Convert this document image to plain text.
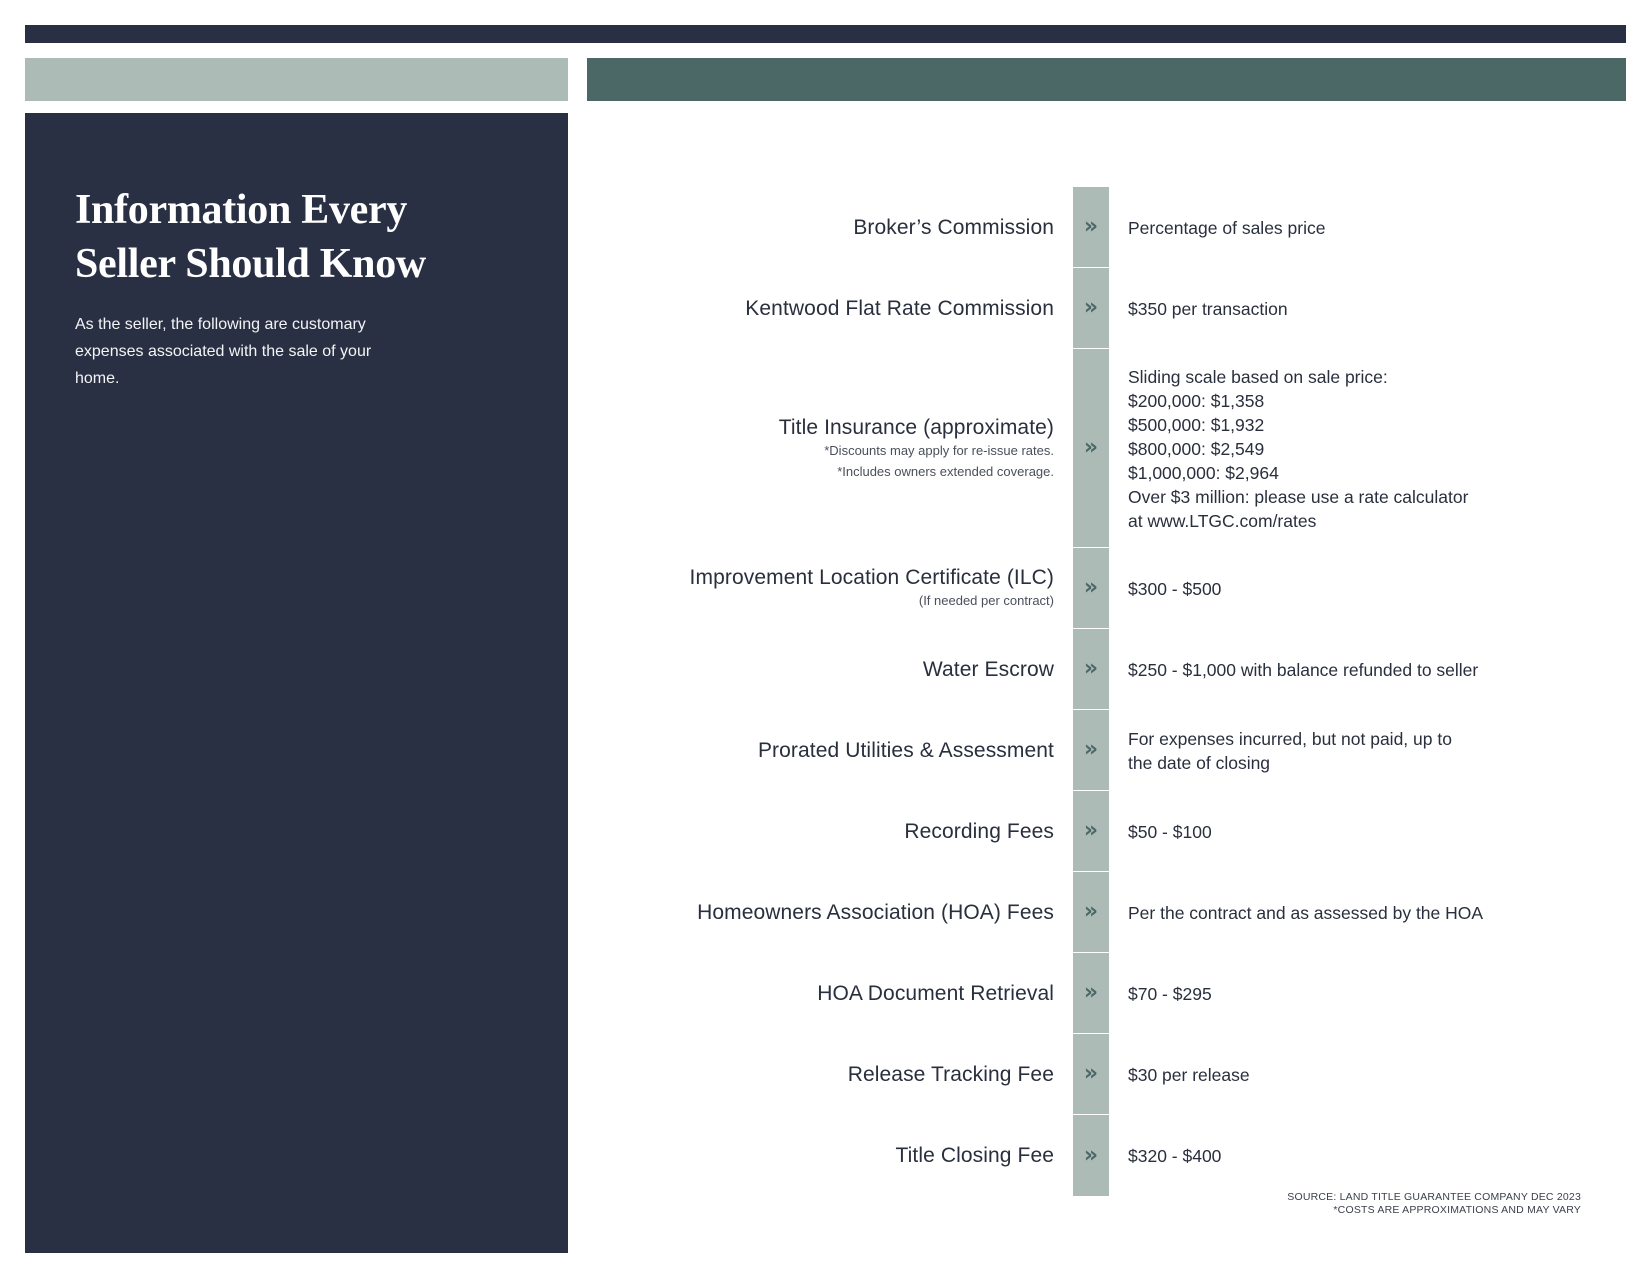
Information Every
Seller Should Know

As the seller, the following are customary expenses associated with the sale of your home.

Broker’s Commission » Percentage of sales price
Kentwood Flat Rate Commission » $350 per transaction
Title Insurance (approximate)
*Discounts may apply for re-issue rates.
*Includes owners extended coverage.
»
Sliding scale based on sale price:
$200,000: $1,358
$500,000: $1,932
$800,000: $2,549
$1,000,000: $2,964
Over $3 million: please use a rate calculator
at www.LTGC.com/rates
Improvement Location Certificate (ILC)
(If needed per contract)
» $300 - $500
Water Escrow » $250 - $1,000 with balance refunded to seller
Prorated Utilities & Assessment » For expenses incurred, but not paid, up to
the date of closing
Recording Fees » $50 - $100
Homeowners Association (HOA) Fees » Per the contract and as assessed by the HOA
HOA Document Retrieval » $70 - $295
Release Tracking Fee » $30 per release
Title Closing Fee » $320 - $400
SOURCE: LAND TITLE GUARANTEE COMPANY DEC 2023
*COSTS ARE APPROXIMATIONS AND MAY VARY
